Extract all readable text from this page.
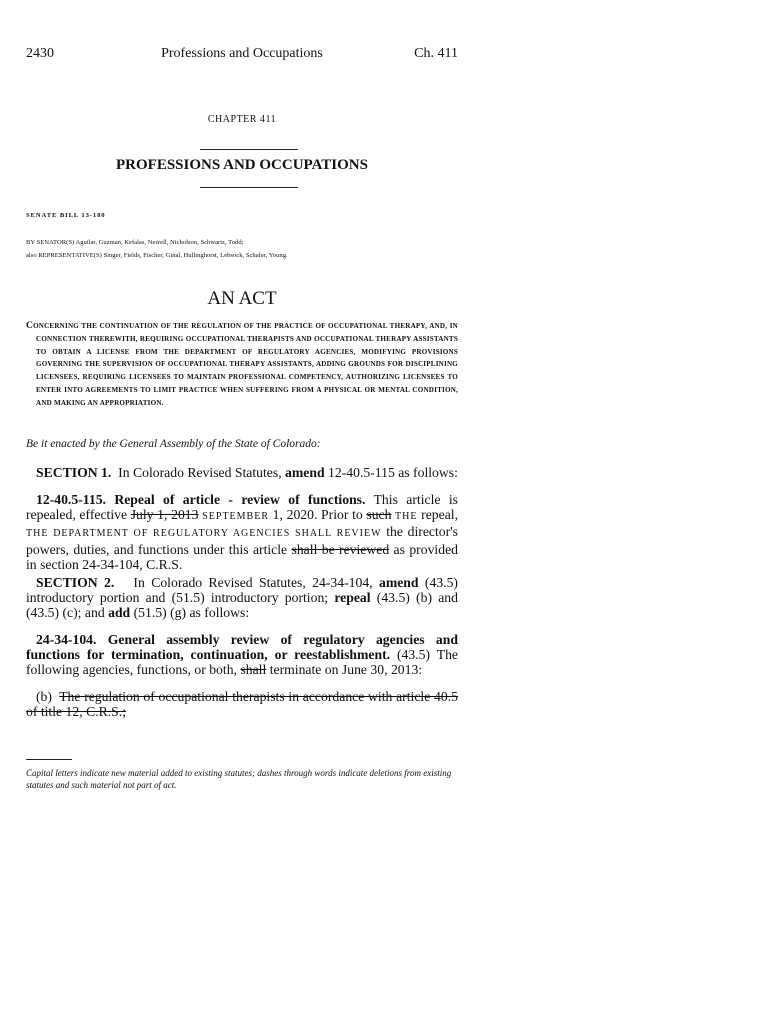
2430	Professions and Occupations	Ch. 411
CHAPTER 411
PROFESSIONS AND OCCUPATIONS
SENATE BILL 13-180
BY SENATOR(S) Aguilar, Guzman, Kefalas, Newell, Nicholson, Schwartz, Todd;
also REPRESENTATIVE(S) Singer, Fields, Fischer, Ginal, Hullinghorst, Lebsock, Schafer, Young.
AN ACT
CONCERNING THE CONTINUATION OF THE REGULATION OF THE PRACTICE OF OCCUPATIONAL THERAPY, AND, IN CONNECTION THEREWITH, REQUIRING OCCUPATIONAL THERAPISTS AND OCCUPATIONAL THERAPY ASSISTANTS TO OBTAIN A LICENSE FROM THE DEPARTMENT OF REGULATORY AGENCIES, MODIFYING PROVISIONS GOVERNING THE SUPERVISION OF OCCUPATIONAL THERAPY ASSISTANTS, ADDING GROUNDS FOR DISCIPLINING LICENSEES, REQUIRING LICENSEES TO MAINTAIN PROFESSIONAL COMPETENCY, AUTHORIZING LICENSEES TO ENTER INTO AGREEMENTS TO LIMIT PRACTICE WHEN SUFFERING FROM A PHYSICAL OR MENTAL CONDITION, AND MAKING AN APPROPRIATION.
Be it enacted by the General Assembly of the State of Colorado:
SECTION 1. In Colorado Revised Statutes, amend 12-40.5-115 as follows:
12-40.5-115. Repeal of article - review of functions. This article is repealed, effective July 1, 2013 SEPTEMBER 1, 2020. Prior to such THE repeal, THE DEPARTMENT OF REGULATORY AGENCIES SHALL REVIEW the director's powers, duties, and functions under this article shall be reviewed as provided in section 24-34-104, C.R.S.
SECTION 2.   In Colorado Revised Statutes, 24-34-104, amend (43.5) introductory portion and (51.5) introductory portion; repeal (43.5) (b) and (43.5) (c); and add (51.5) (g) as follows:
24-34-104. General assembly review of regulatory agencies and functions for termination, continuation, or reestablishment. (43.5) The following agencies, functions, or both, shall terminate on June 30, 2013:
(b) The regulation of occupational therapists in accordance with article 40.5 of title 12, C.R.S.;
Capital letters indicate new material added to existing statutes; dashes through words indicate deletions from existing statutes and such material not part of act.
